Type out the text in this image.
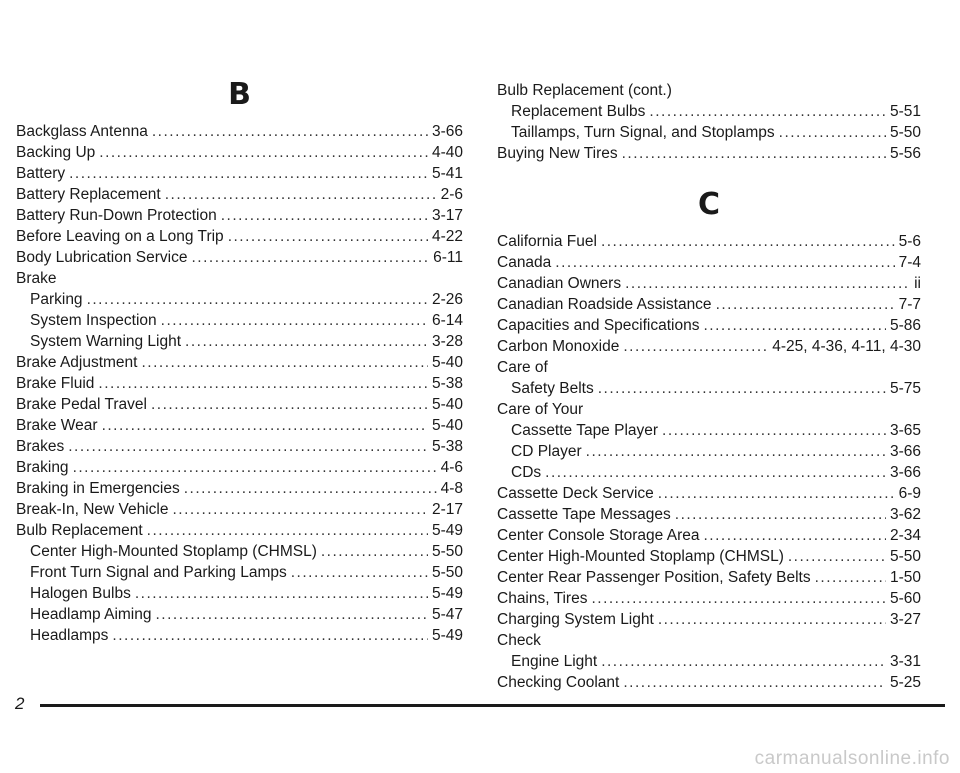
B
Backglass Antenna .....	3-66
Backing Up .....	4-40
Battery .....	5-41
Battery Replacement .....	2-6
Battery Run-Down Protection .....	3-17
Before Leaving on a Long Trip .....	4-22
Body Lubrication Service .....	6-11
Brake
Parking .....	2-26
System Inspection .....	6-14
System Warning Light .....	3-28
Brake Adjustment .....	5-40
Brake Fluid .....	5-38
Brake Pedal Travel .....	5-40
Brake Wear .....	5-40
Brakes .....	5-38
Braking .....	4-6
Braking in Emergencies .....	4-8
Break-In, New Vehicle .....	2-17
Bulb Replacement .....	5-49
Center High-Mounted Stoplamp (CHMSL) .....	5-50
Front Turn Signal and Parking Lamps .....	5-50
Halogen Bulbs .....	5-49
Headlamp Aiming .....	5-47
Headlamps .....	5-49
Bulb Replacement (cont.)
Replacement Bulbs .....	5-51
Taillamps, Turn Signal, and Stoplamps .....	5-50
Buying New Tires .....	5-56
C
California Fuel .....	5-6
Canada .....	7-4
Canadian Owners .....	ii
Canadian Roadside Assistance .....	7-7
Capacities and Specifications .....	5-86
Carbon Monoxide .....	4-25, 4-36, 4-11, 4-30
Care of
Safety Belts .....	5-75
Care of Your
Cassette Tape Player .....	3-65
CD Player .....	3-66
CDs .....	3-66
Cassette Deck Service .....	6-9
Cassette Tape Messages .....	3-62
Center Console Storage Area .....	2-34
Center High-Mounted Stoplamp (CHMSL) .....	5-50
Center Rear Passenger Position, Safety Belts .....	1-50
Chains, Tires .....	5-60
Charging System Light .....	3-27
Check
Engine Light .....	3-31
Checking Coolant .....	5-25
2
carmanualsonline.info
